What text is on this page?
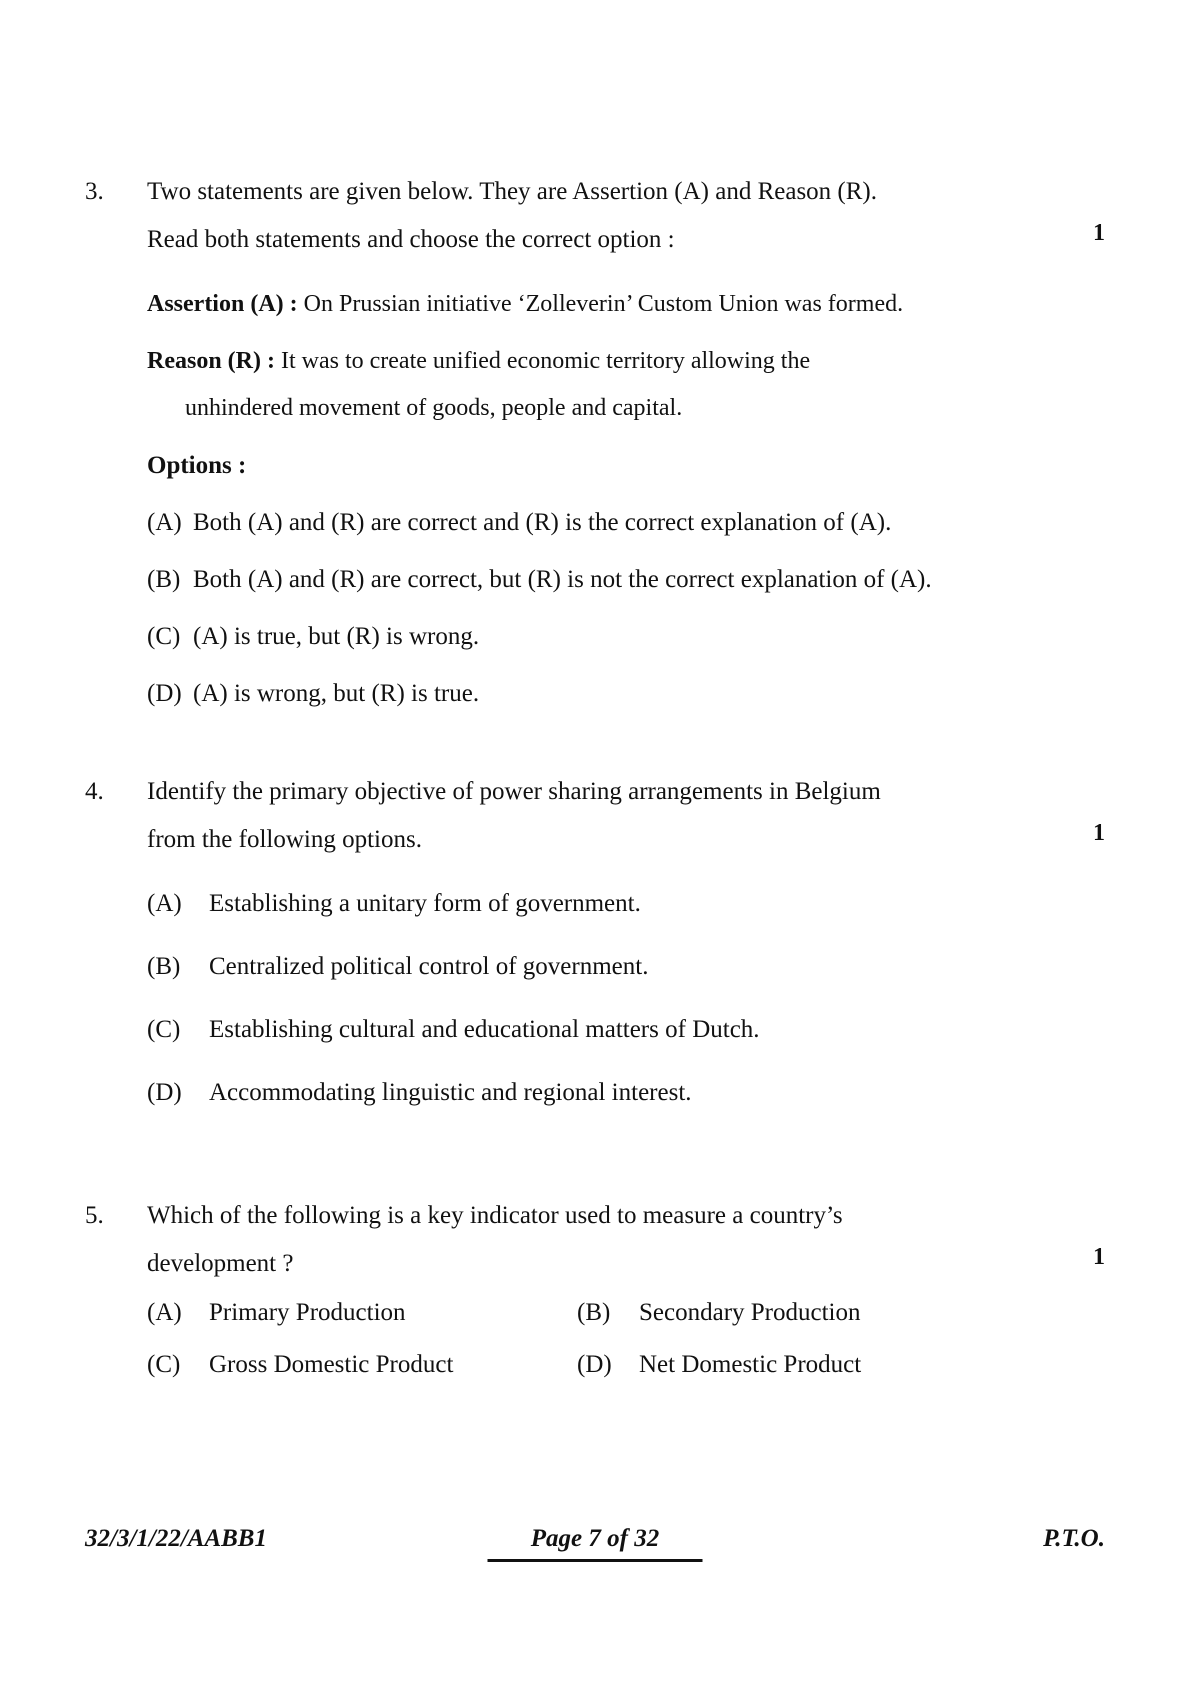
3.	Two statements are given below. They are Assertion (A) and Reason (R).
Read both statements and choose the correct option :	1
Assertion (A) : On Prussian initiative ‘Zolleverin’ Custom Union was formed.
Reason (R) : It was to create unified economic territory allowing the
unhindered movement of goods, people and capital.
Options :
(A) Both (A) and (R) are correct and (R) is the correct explanation of (A).
(B) Both (A) and (R) are correct, but (R) is not the correct explanation of (A).
(C) (A) is true, but (R) is wrong.
(D) (A) is wrong, but (R) is true.
4.	Identify the primary objective of power sharing arrangements in Belgium
from the following options.	1
(A) Establishing a unitary form of government.
(B) Centralized political control of government.
(C) Establishing cultural and educational matters of Dutch.
(D) Accommodating linguistic and regional interest.
5.	Which of the following is a key indicator used to measure a country’s
development ?	1
(A) Primary Production	(B) Secondary Production
(C) Gross Domestic Product	(D) Net Domestic Product
32/3/1/22/AABB1	Page 7 of 32	P.T.O.
